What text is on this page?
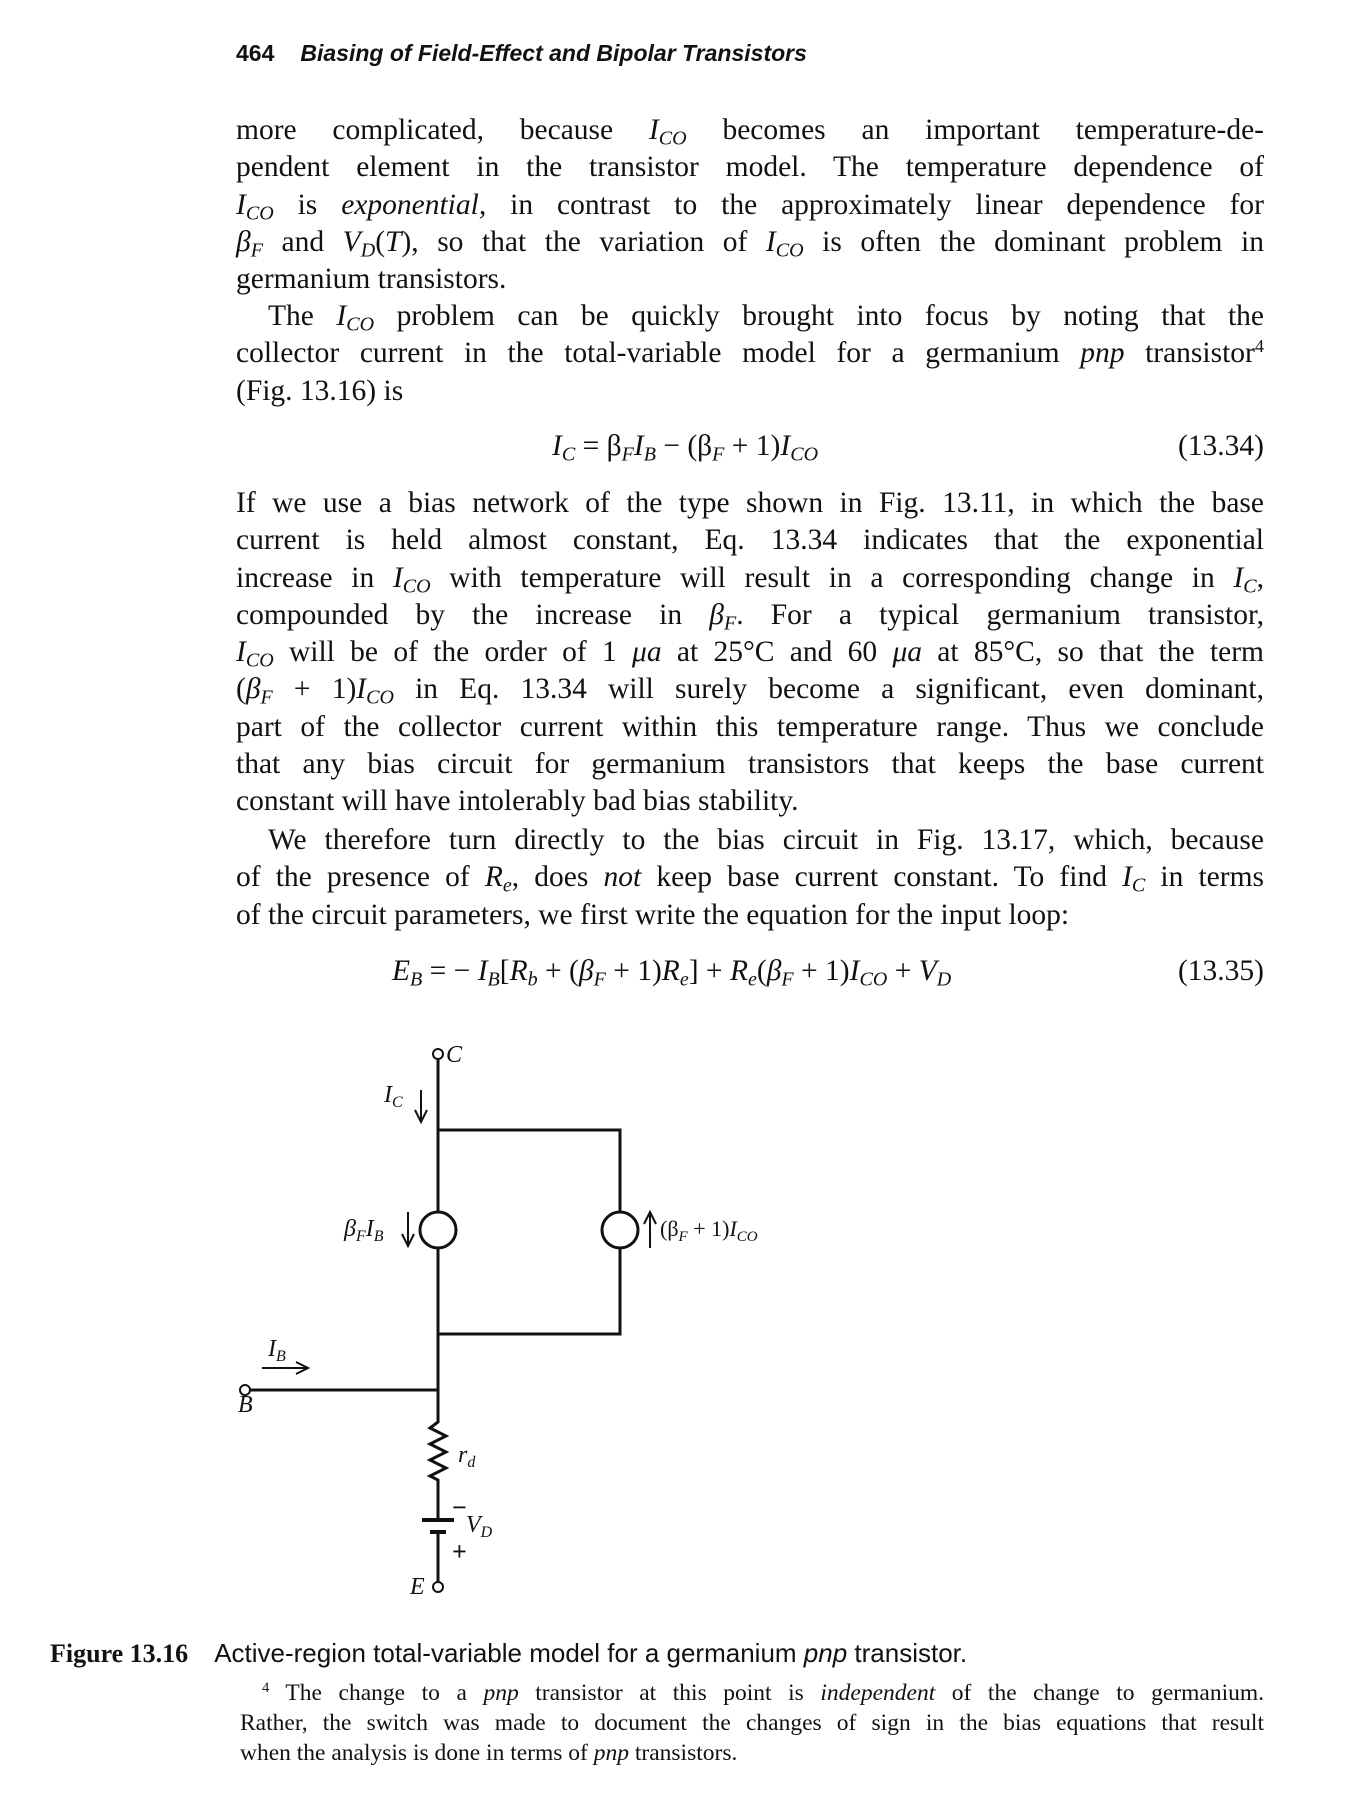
464 Biasing of Field-Effect and Bipolar Transistors
more complicated, because $I_{CO}$ becomes an important temperature-de-
pendent element in the transistor model. The temperature dependence of
$I_{CO}$ is exponential, in contrast to the approximately linear dependence for
$\beta_F$ and $V_D(T)$, so that the variation of $I_{CO}$ is often the dominant problem in
germanium transistors.
The $I_{CO}$ problem can be quickly brought into focus by noting that the
collector current in the total-variable model for a germanium pnp transistor$^4$
(Fig. 13.16) is
$I_C = \beta_FI_B - (\beta_F + 1)I_{CO}$	(13.34)
If we use a bias network of the type shown in Fig. 13.11, in which the base
current is held almost constant, Eq. 13.34 indicates that the exponential
increase in $I_{CO}$ with temperature will result in a corresponding change in $I_C$,
compounded by the increase in $\beta_F$. For a typical germanium transistor,
$I_{CO}$ will be of the order of 1 μa at 25°C and 60 μa at 85°C, so that the term
$(\beta_F + 1)I_{CO}$ in Eq. 13.34 will surely become a significant, even dominant,
part of the collector current within this temperature range. Thus we conclude
that any bias circuit for germanium transistors that keeps the base current
constant will have intolerably bad bias stability.
We therefore turn directly to the bias circuit in Fig. 13.17, which, because
of the presence of $R_e$, does not keep base current constant. To find $I_C$ in terms
of the circuit parameters, we first write the equation for the input loop:
$E_B$ = − $I_B[R_b + (\beta_F + 1)R_e] + R_e(\beta_F + 1)I_{CO} + V_D$	(13.35)
C
B
E
$I_C$
$I_B$
$\beta_FI_B$	$(\beta_F + 1)I_{CO}$
$r_d$
$V_D$
−
+
Figure 13.16 Active-region total-variable model for a germanium pnp transistor.
$^4$ The change to a pnp transistor at this point is independent of the change to germanium.
Rather, the switch was made to document the changes of sign in the bias equations that result
when the analysis is done in terms of pnp transistors.
